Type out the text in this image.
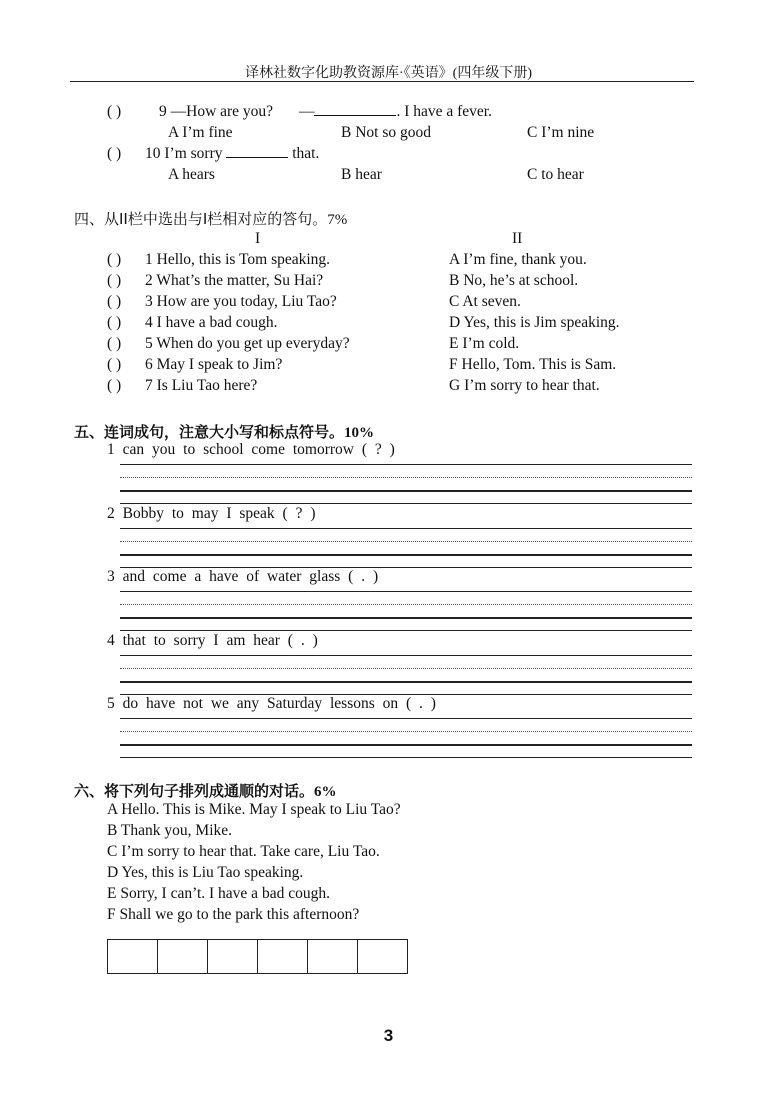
译林社数字化助教资源库·《英语》(四年级下册)
( ) 9 —How are you? —	. I have a fever.
A I’m fine	B Not so good	C I’m nine
( ) 10 I’m sorry	that.
A hears	B hear	C to hear
四、从II栏中选出与I栏相对应的答句。7%
I	II
( ) 1 Hello, this is Tom speaking.	A I’m fine, thank you.
( ) 2 What’s the matter, Su Hai?	B No, he’s at school.
( ) 3 How are you today, Liu Tao?	C At seven.
( ) 4 I have a bad cough.	D Yes, this is Jim speaking.
( ) 5 When do you get up everyday?	E I’m cold.
( ) 6 May I speak to Jim?	F Hello, Tom. This is Sam.
( ) 7 Is Liu Tao here?	G I’m sorry to hear that.
五、连词成句，注意大小写和标点符号。10%
1 can you to school come tomorrow ( ? )
2 Bobby to may I speak ( ? )
3 and come a have of water glass ( . )
4 that to sorry I am hear ( . )
5 do have not we any Saturday lessons on ( . )
六、将下列句子排列成通顺的对话。6%
A Hello. This is Mike. May I speak to Liu Tao?
B Thank you, Mike.
C I’m sorry to hear that. Take care, Liu Tao.
D Yes, this is Liu Tao speaking.
E Sorry, I can’t. I have a bad cough.
F Shall we go to the park this afternoon?

3
